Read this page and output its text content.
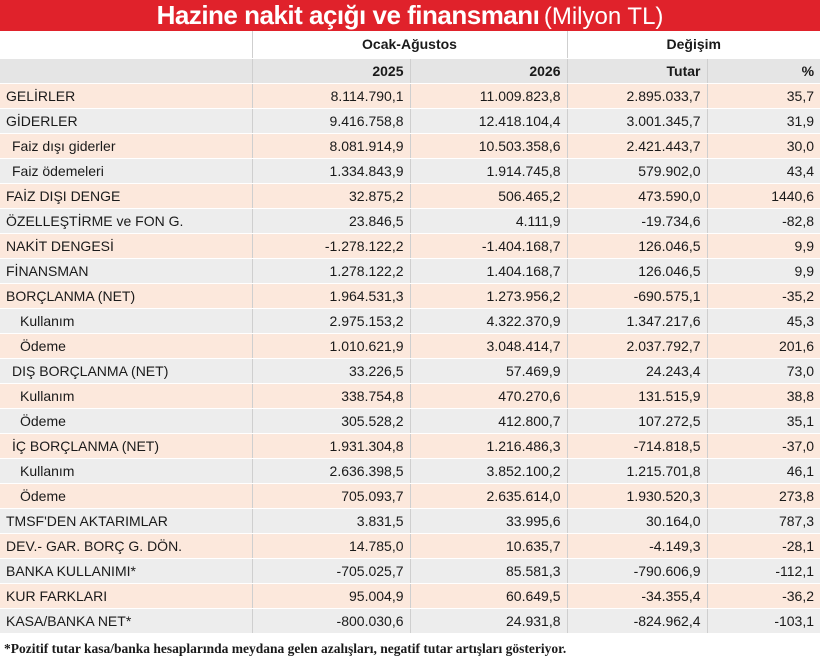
Hazine nakit açığı ve finansmanı (Milyon TL)
	Ocak-Ağustos		Değişim	
	2025	2026	Tutar	%
GELİRLER	8.114.790,1	11.009.823,8	2.895.033,7	35,7
GİDERLER	9.416.758,8	12.418.104,4	3.001.345,7	31,9
Faiz dışı giderler	8.081.914,9	10.503.358,6	2.421.443,7	30,0
Faiz ödemeleri	1.334.843,9	1.914.745,8	579.902,0	43,4
FAİZ DIŞI DENGE	32.875,2	506.465,2	473.590,0	1440,6
ÖZELLEŞTİRME ve FON G.	23.846,5	4.111,9	-19.734,6	-82,8
NAKİT DENGESİ	-1.278.122,2	-1.404.168,7	126.046,5	9,9
FİNANSMAN	1.278.122,2	1.404.168,7	126.046,5	9,9
BORÇLANMA (NET)	1.964.531,3	1.273.956,2	-690.575,1	-35,2
Kullanım	2.975.153,2	4.322.370,9	1.347.217,6	45,3
Ödeme	1.010.621,9	3.048.414,7	2.037.792,7	201,6
DIŞ BORÇLANMA (NET)	33.226,5	57.469,9	24.243,4	73,0
Kullanım	338.754,8	470.270,6	131.515,9	38,8
Ödeme	305.528,2	412.800,7	107.272,5	35,1
İÇ BORÇLANMA (NET)	1.931.304,8	1.216.486,3	-714.818,5	-37,0
Kullanım	2.636.398,5	3.852.100,2	1.215.701,8	46,1
Ödeme	705.093,7	2.635.614,0	1.930.520,3	273,8
TMSF'DEN AKTARIMLAR	3.831,5	33.995,6	30.164,0	787,3
DEV.- GAR. BORÇ G. DÖN.	14.785,0	10.635,7	-4.149,3	-28,1
BANKA KULLANIMI*	-705.025,7	85.581,3	-790.606,9	-112,1
KUR FARKLARI	95.004,9	60.649,5	-34.355,4	-36,2
KASA/BANKA NET*	-800.030,6	24.931,8	-824.962,4	-103,1
*Pozitif tutar kasa/banka hesaplarında meydana gelen azalışları, negatif tutar artışları gösteriyor.
